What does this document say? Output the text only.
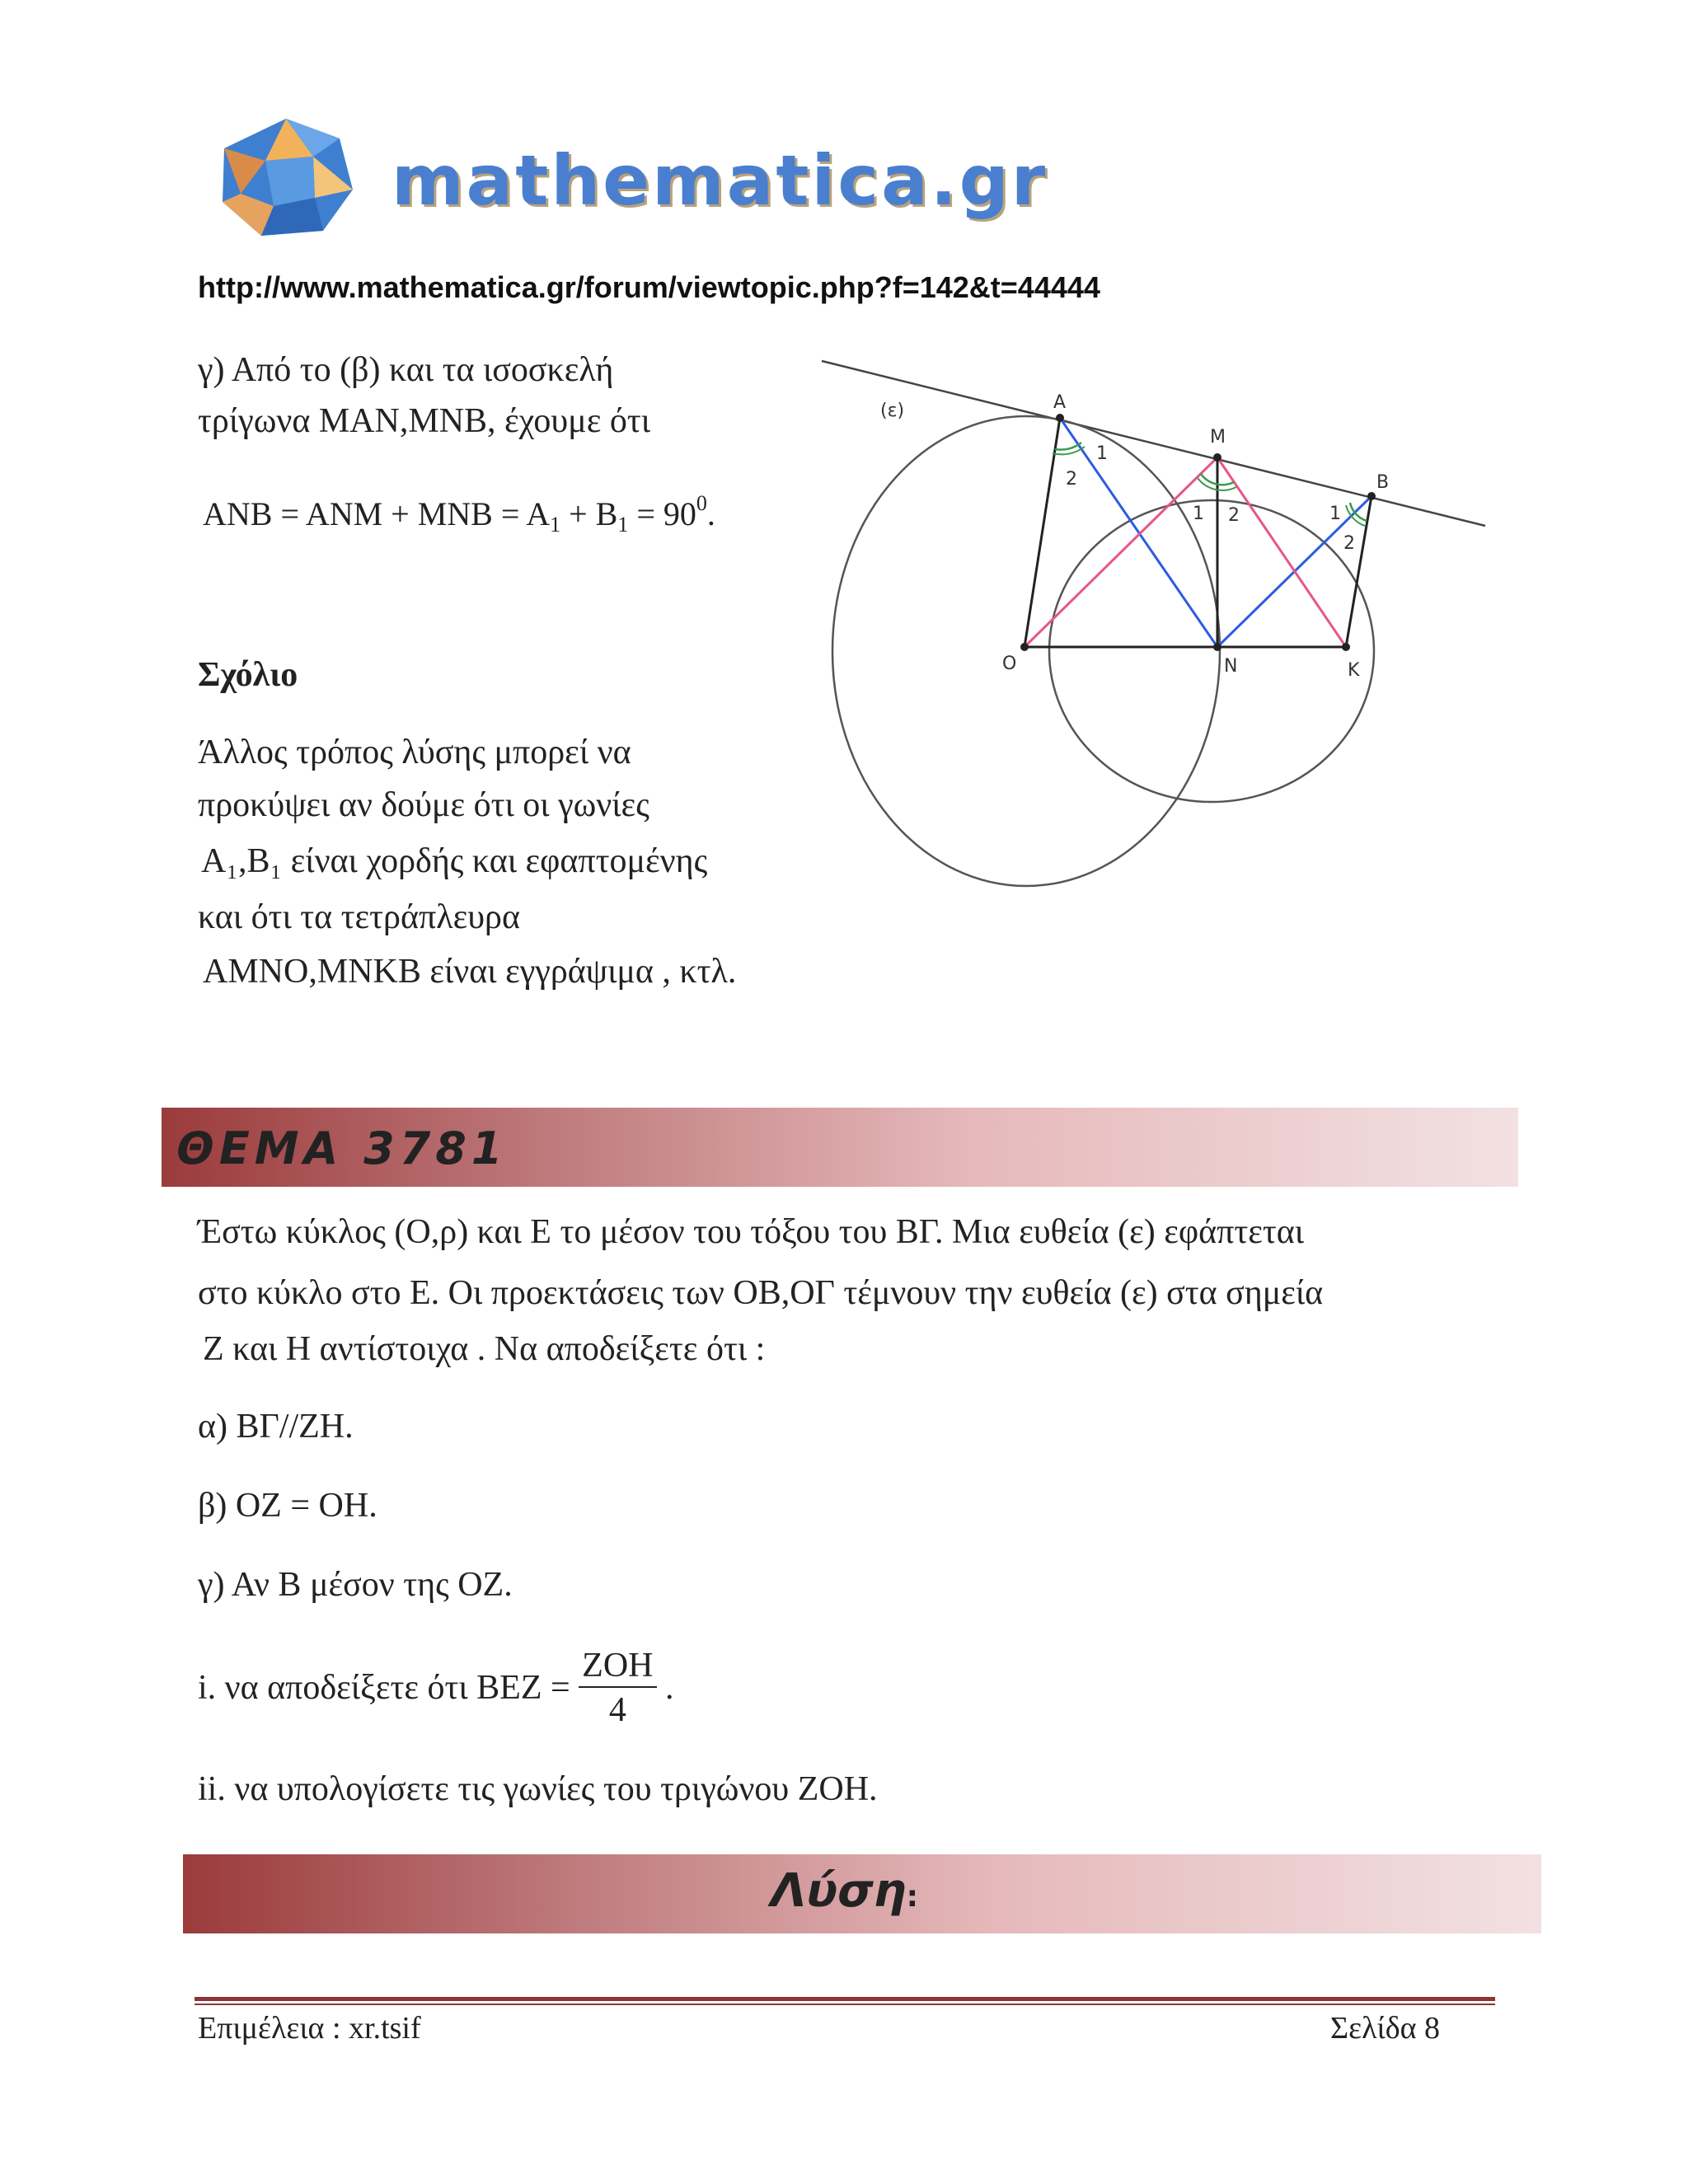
mathematica.gr
http://www.mathematica.gr/forum/viewtopic.php?f=142&t=44444
γ) Από το (β) και τα ισοσκελή
τρίγωνα MAN,MNB, έχουμε ότι
ANB = ANM + MNB = $A_1 + B_1 = 90^0$.
Σχόλιο
Άλλος τρόπος λύσης μπορεί να
προκύψει αν δούμε ότι οι γωνίες
A₁,B₁ είναι χορδής και εφαπτομένης
και ότι τα τετράπλευρα
AMNO,MNKB είναι εγγράψιμα , κτλ.
(ε)	A
M
B
O	N	K
1
2
1 2	1
2
ΘΕΜΑ 3781
Έστω κύκλος (O,ρ) και E το μέσον του τόξου του BΓ. Μια ευθεία (ε) εφάπτεται
στο κύκλο στο E. Οι προεκτάσεις των OB,OΓ τέμνουν την ευθεία (ε) στα σημεία
Z και H αντίστοιχα . Να αποδείξετε ότι :
α) BΓ//ZH.
β) OZ = OH.
γ) Αν B μέσον της OZ.
i. να αποδείξετε ότι BEZ = $\frac{\text{ZOH}}{4}$ .
ii. να υπολογίσετε τις γωνίες του τριγώνου ZOH.
Λύση:
Επιμέλεια : xr.tsif	Σελίδα 8
